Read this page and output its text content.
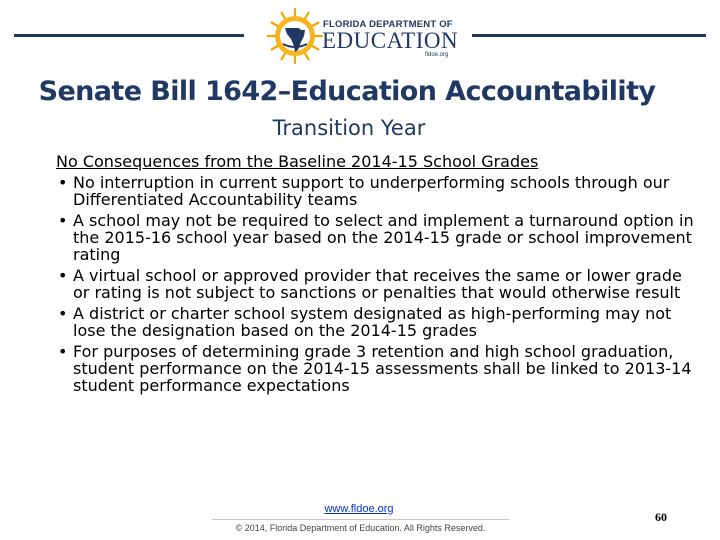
FLORIDA DEPARTMENT OF
EDUCATION
fldoe.org
Senate Bill 1642–Education Accountability
Transition Year
No Consequences from the Baseline 2014-15 School Grades
• No interruption in current support to underperforming schools through our Differentiated Accountability teams
• A school may not be required to select and implement a turnaround option in the 2015-16 school year based on the 2014-15 grade or school improvement rating
• A virtual school or approved provider that receives the same or lower grade or rating is not subject to sanctions or penalties that would otherwise result
• A district or charter school system designated as high-performing may not lose the designation based on the 2014-15 grades
• For purposes of determining grade 3 retention and high school graduation, student performance on the 2014-15 assessments shall be linked to 2013-14 student performance expectations
www.fldoe.org
© 2014, Florida Department of Education. All Rights Reserved.
60
